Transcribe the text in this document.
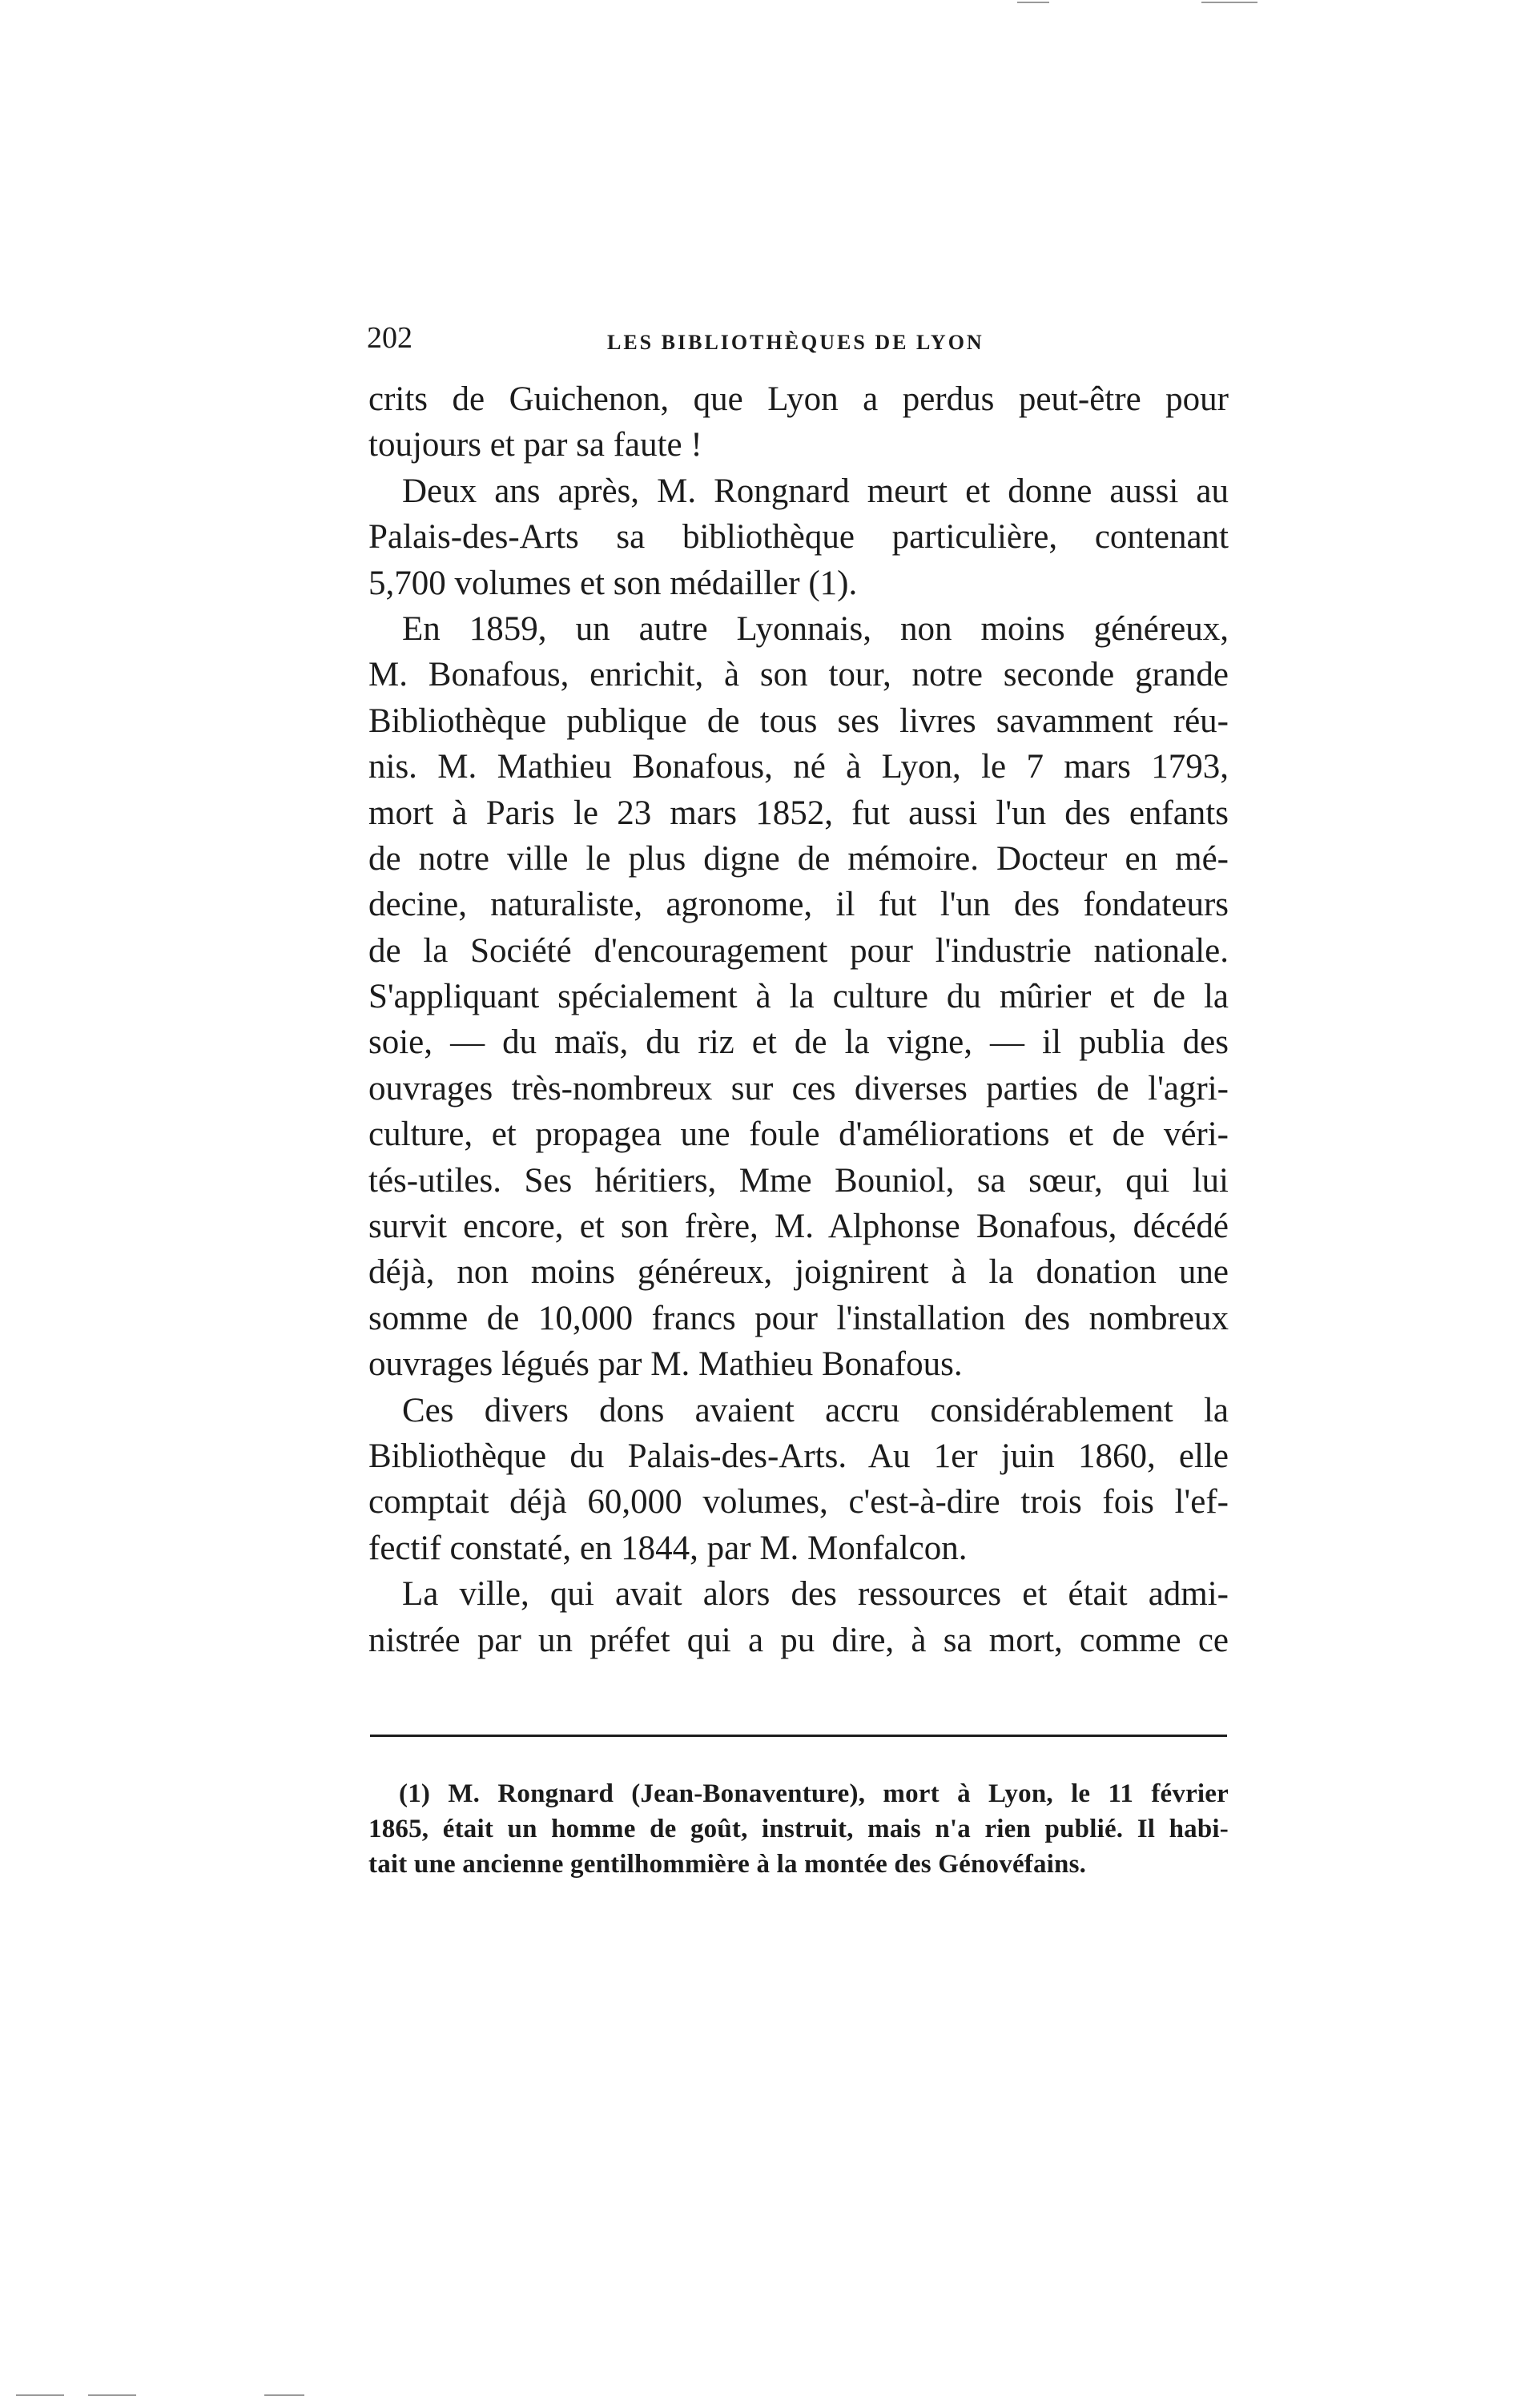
202	LES BIBLIOTHÈQUES DE LYON
crits de Guichenon, que Lyon a perdus peut-être pour
toujours et par sa faute !
Deux ans après, M. Rongnard meurt et donne aussi au
Palais-des-Arts sa bibliothèque particulière, contenant
5,700 volumes et son médailler (1).
En 1859, un autre Lyonnais, non moins généreux,
M. Bonafous, enrichit, à son tour, notre seconde grande
Bibliothèque publique de tous ses livres savamment réu-
nis. M. Mathieu Bonafous, né à Lyon, le 7 mars 1793,
mort à Paris le 23 mars 1852, fut aussi l'un des enfants
de notre ville le plus digne de mémoire. Docteur en mé-
decine, naturaliste, agronome, il fut l'un des fondateurs
de la Société d'encouragement pour l'industrie nationale.
S'appliquant spécialement à la culture du mûrier et de la
soie, — du maïs, du riz et de la vigne, — il publia des
ouvrages très-nombreux sur ces diverses parties de l'agri-
culture, et propagea une foule d'améliorations et de véri-
tés-utiles. Ses héritiers, Mme Bouniol, sa sœur, qui lui
survit encore, et son frère, M. Alphonse Bonafous, décédé
déjà, non moins généreux, joignirent à la donation une
somme de 10,000 francs pour l'installation des nombreux
ouvrages légués par M. Mathieu Bonafous.
Ces divers dons avaient accru considérablement la
Bibliothèque du Palais-des-Arts. Au 1er juin 1860, elle
comptait déjà 60,000 volumes, c'est-à-dire trois fois l'ef-
fectif constaté, en 1844, par M. Monfalcon.
La ville, qui avait alors des ressources et était admi-
nistrée par un préfet qui a pu dire, à sa mort, comme ce
(1) M. Rongnard (Jean-Bonaventure), mort à Lyon, le 11 février
1865, était un homme de goût, instruit, mais n'a rien publié. Il habi-
tait une ancienne gentilhommière à la montée des Génovéfains.
